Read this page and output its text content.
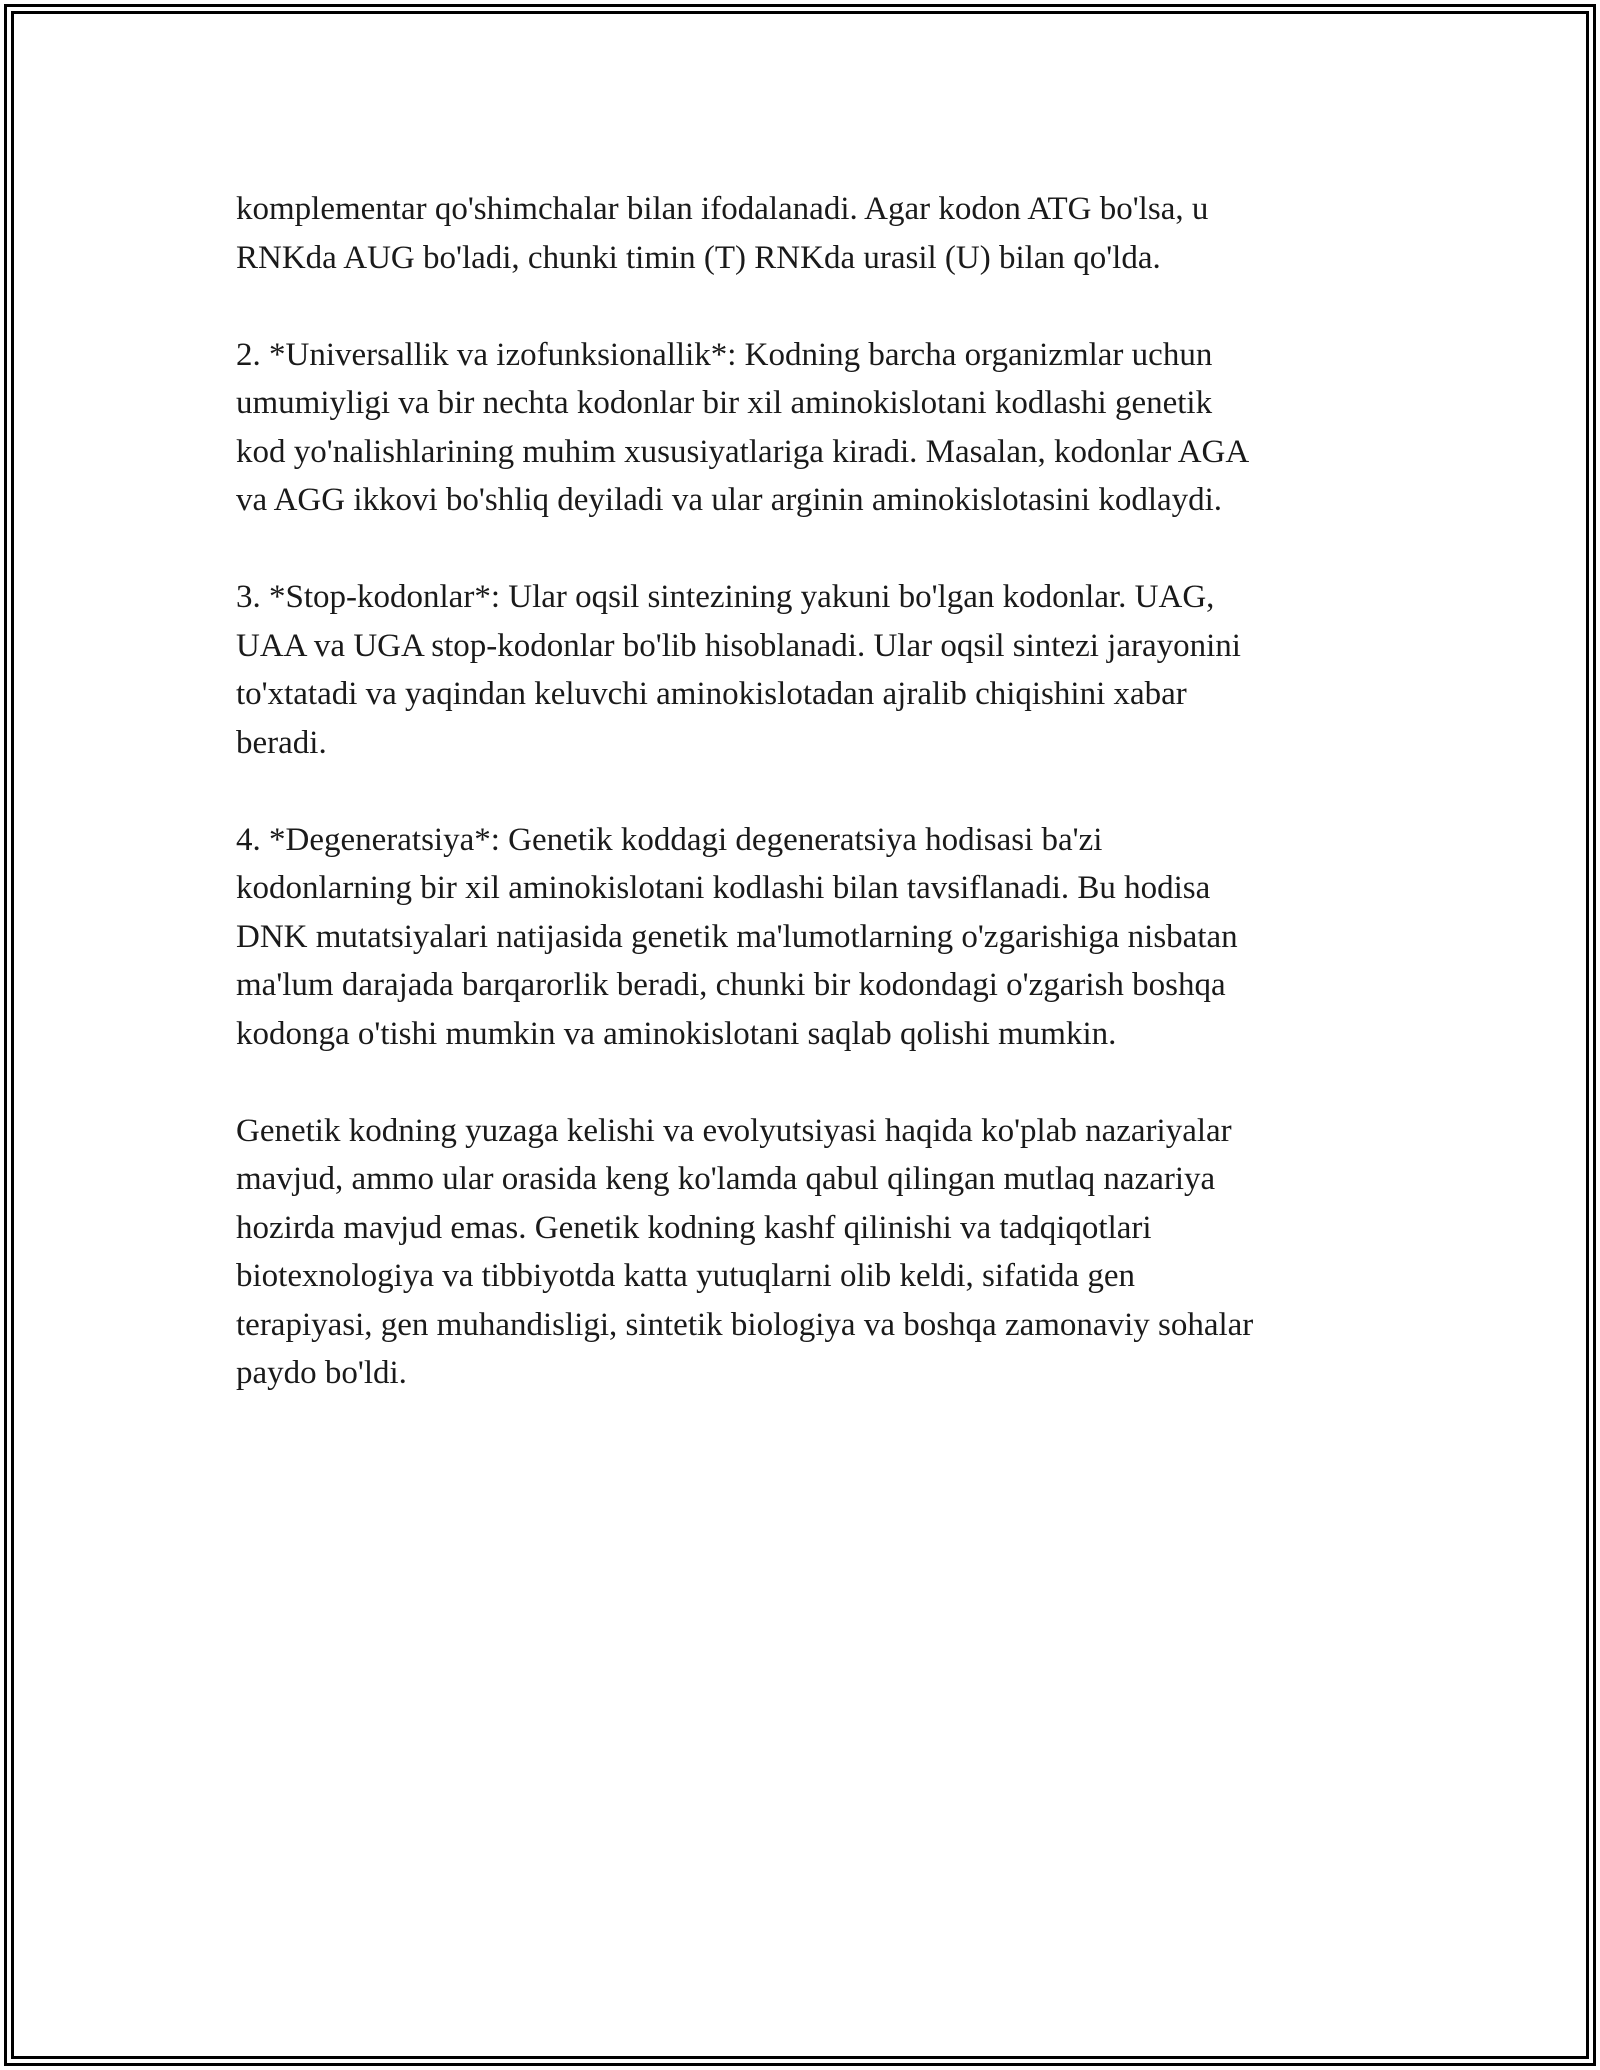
komplementar qo'shimchalar bilan ifodalanadi. Agar kodon ATG bo'lsa, u
RNKda AUG bo'ladi, chunki timin (T) RNKda urasil (U) bilan qo'lda.

2. *Universallik va izofunksionallik*: Kodning barcha organizmlar uchun
umumiyligi va bir nechta kodonlar bir xil aminokislotani kodlashi genetik
kod yo'nalishlarining muhim xususiyatlariga kiradi. Masalan, kodonlar AGA
va AGG ikkovi bo'shliq deyiladi va ular arginin aminokislotasini kodlaydi.

3. *Stop-kodonlar*: Ular oqsil sintezining yakuni bo'lgan kodonlar. UAG,
UAA va UGA stop-kodonlar bo'lib hisoblanadi. Ular oqsil sintezi jarayonini
to'xtatadi va yaqindan keluvchi aminokislotadan ajralib chiqishini xabar
beradi.

4. *Degeneratsiya*: Genetik koddagi degeneratsiya hodisasi ba'zi
kodonlarning bir xil aminokislotani kodlashi bilan tavsiflanadi. Bu hodisa
DNK mutatsiyalari natijasida genetik ma'lumotlarning o'zgarishiga nisbatan
ma'lum darajada barqarorlik beradi, chunki bir kodondagi o'zgarish boshqa
kodonga o'tishi mumkin va aminokislotani saqlab qolishi mumkin.

Genetik kodning yuzaga kelishi va evolyutsiyasi haqida ko'plab nazariyalar
mavjud, ammo ular orasida keng ko'lamda qabul qilingan mutlaq nazariya
hozirda mavjud emas. Genetik kodning kashf qilinishi va tadqiqotlari
biotexnologiya va tibbiyotda katta yutuqlarni olib keldi, sifatida gen
terapiyasi, gen muhandisligi, sintetik biologiya va boshqa zamonaviy sohalar
paydo bo'ldi.
